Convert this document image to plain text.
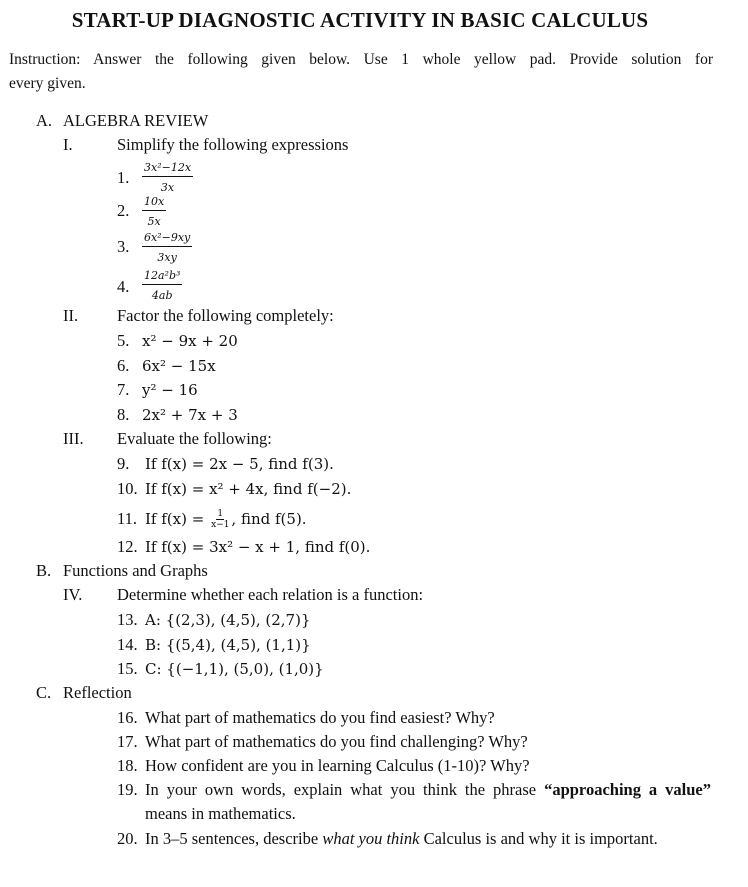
START-UP DIAGNOSTIC ACTIVITY IN BASIC CALCULUS
Instruction: Answer the following given below. Use 1 whole yellow pad. Provide solution for
every given.
A. ALGEBRA REVIEW
I.	Simplify the following expressions
1. $\frac{\text{3x²−12x}}{3x}$
2. $\frac{10x}{5x}$
3. $\frac{\text{6x²−9xy}}{3xy}$
4. $\frac{\text{12a²b³}}{4ab}$
II. Factor the following completely:
5. x² − 9x + 20
6. 6x² − 15x
7. y² − 16
8. 2x² + 7x + 3
III. Evaluate the following:
9. If f(x) = 2x − 5, find f(3).
10. If f(x) = x² + 4x, find f(−2).
11. If $f(x) = \frac{1}{x-1}$ , find f(5).
12. If f(x) = 3x² − x + 1, find f(0).
B. Functions and Graphs
IV. Determine whether each relation is a function:
13. A: {(2,3), (4,5), (2,7)}
14. B: {(5,4), (4,5), (1,1)}
15. C: {(−1,1), (5,0), (1,0)}
C. Reflection
16. What part of mathematics do you find easiest? Why?
17. What part of mathematics do you find challenging? Why?
18. How confident are you in learning Calculus (1-10)? Why?
19. In your own words, explain what you think the phrase “approaching a value” means in mathematics.
20. In 3–5 sentences, describe what you think Calculus is and why it is important.
